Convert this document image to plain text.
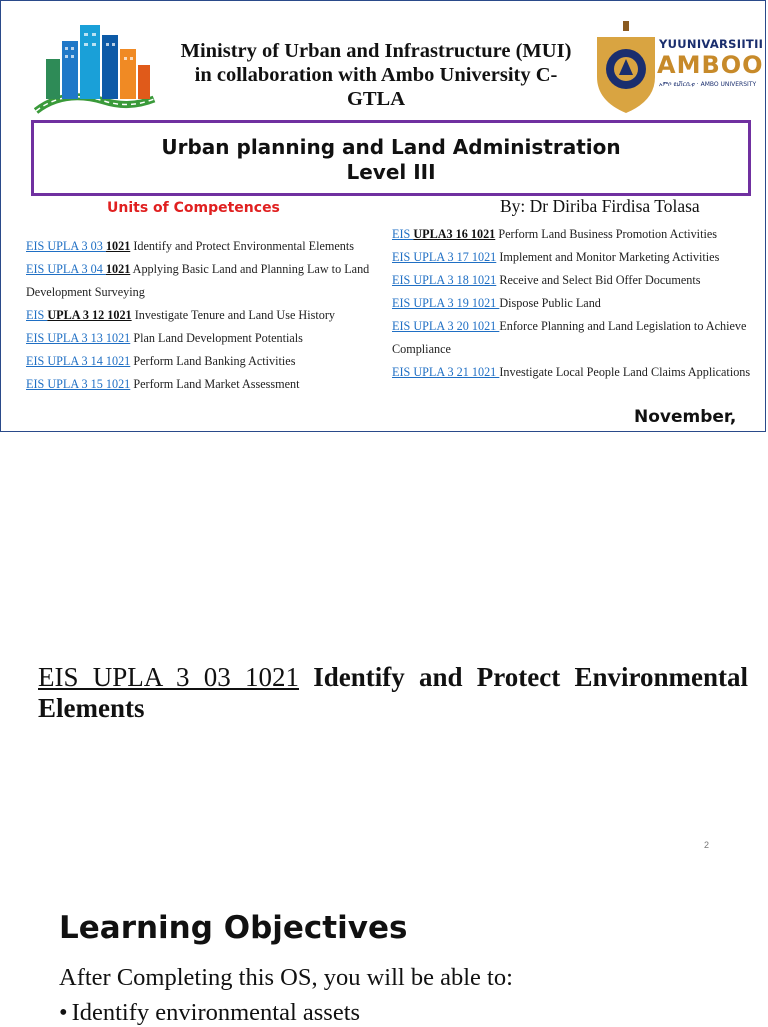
Ministry of Urban and Infrastructure (MUI)
in collaboration with Ambo University C-
GTLA
YUUNIVARSIITII
AMBOO
አምቦ ዩኒቨርሲቲ · AMBO UNIVERSITY
Urban planning and Land Administration
Level III
Units of Competences	By: Dr Diriba Firdisa Tolasa
EIS UPLA 3 03 1021 Identify and Protect Environmental Elements
EIS UPLA 3 04 1021 Applying Basic Land and Planning Law to Land Development Surveying
EIS UPLA 3 12 1021 Investigate Tenure and Land Use History
EIS UPLA 3 13 1021 Plan Land Development Potentials
EIS UPLA 3 14 1021 Perform Land Banking Activities
EIS UPLA 3 15 1021 Perform Land Market Assessment
EIS UPLA3 16 1021 Perform Land Business Promotion Activities
EIS UPLA 3 17 1021 Implement and Monitor Marketing Activities
EIS UPLA 3 18 1021 Receive and Select Bid Offer Documents
EIS UPLA 3 19 1021 Dispose Public Land
EIS UPLA 3 20 1021 Enforce Planning and Land Legislation to Achieve Compliance
EIS UPLA 3 21 1021 Investigate Local People Land Claims Applications
November,
EIS UPLA 3 03 1021 Identify and Protect Environmental Elements
2
Learning Objectives
After Completing this OS, you will be able to:
• Identify environmental assets
